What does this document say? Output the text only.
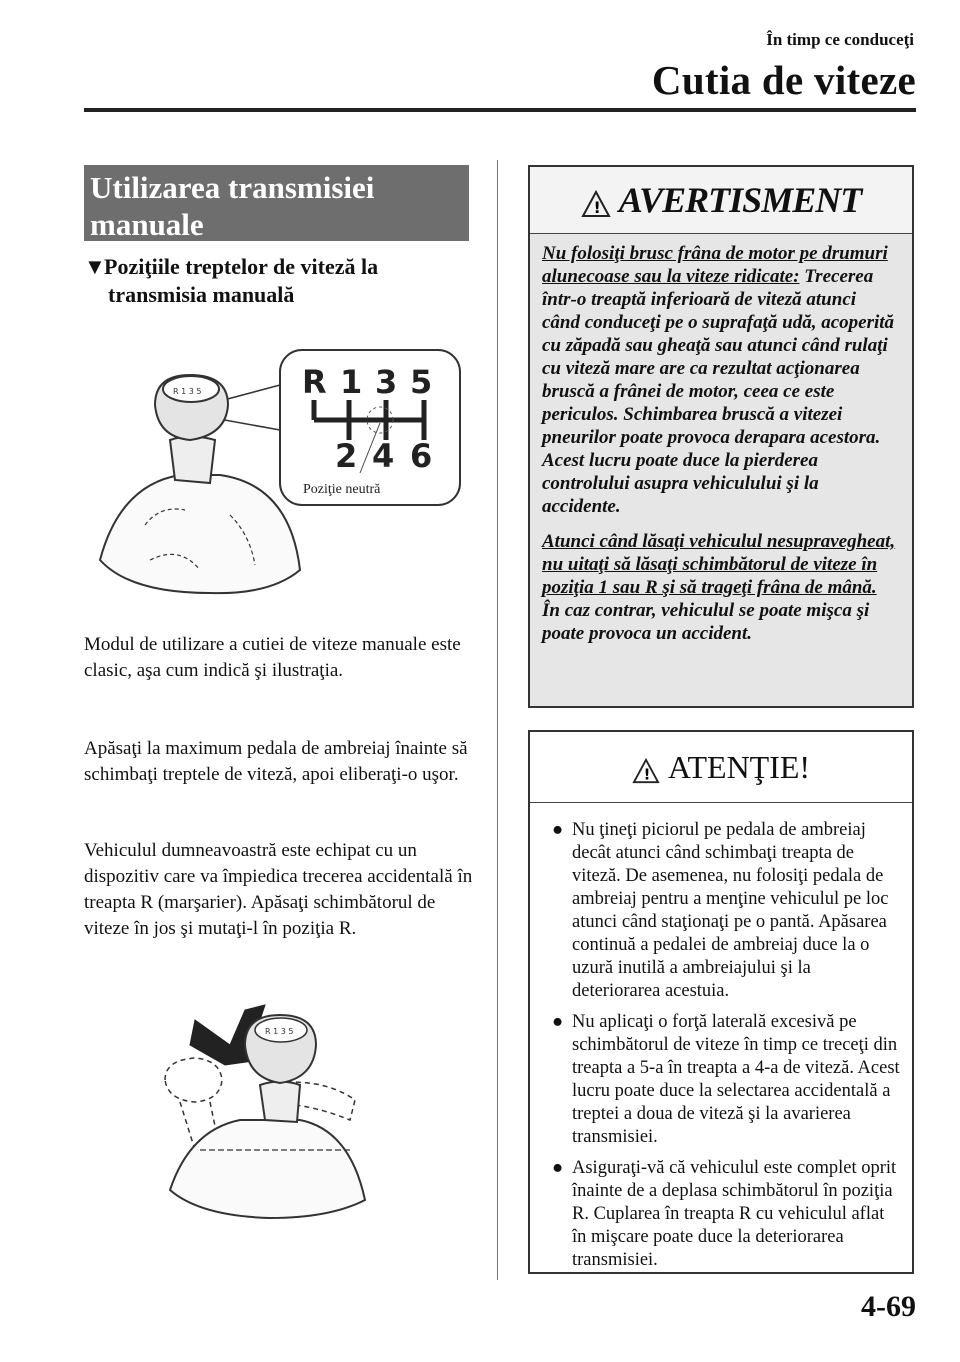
În timp ce conduceţi
Cutia de viteze
Utilizarea transmisiei manuale
▼Poziţiile treptelor de viteză la
transmisia manuală
R 1 3 5
2 4 6
Poziţie neutră
R 1 3 5
Modul de utilizare a cutiei de viteze manuale este clasic, aşa cum indică şi ilustraţia.
Apăsaţi la maximum pedala de ambreiaj înainte să schimbaţi treptele de viteză, apoi eliberaţi-o uşor.
Vehiculul dumneavoastră este echipat cu un dispozitiv care va împiedica trecerea accidentală în treapta R (marşarier). Apăsaţi schimbătorul de viteze în jos şi mutaţi-l în poziţia R.
R 1 3 5
! AVERTISMENT

Nu folosiţi brusc frâna de motor pe drumuri alunecoase sau la viteze ridicate: Trecerea într-o treaptă inferioară de viteză atunci când conduceţi pe o suprafaţă udă, acoperită cu zăpadă sau gheaţă sau atunci când rulaţi cu viteză mare are ca rezultat acţionarea bruscă a frânei de motor, ceea ce este periculos. Schimbarea bruscă a vitezei pneurilor poate provoca derapara acestora. Acest lucru poate duce la pierderea controlului asupra vehiculului şi la accidente.

Atunci când lăsaţi vehiculul nesupravegheat, nu uitaţi să lăsaţi schimbătorul de viteze în poziţia 1 sau R şi să trageţi frâna de mână. În caz contrar, vehiculul se poate mişca şi poate provoca un accident.

! ATENŢIE!
● Nu ţineţi piciorul pe pedala de ambreiaj decât atunci când schimbaţi treapta de viteză. De asemenea, nu folosiţi pedala de ambreiaj pentru a menţine vehiculul pe loc atunci când staţionaţi pe o pantă. Apăsarea continuă a pedalei de ambreiaj duce la o uzură inutilă a ambreiajului şi la deteriorarea acestuia.
● Nu aplicaţi o forţă laterală excesivă pe schimbătorul de viteze în timp ce treceţi din treapta a 5-a în treapta a 4-a de viteză. Acest lucru poate duce la selectarea accidentală a treptei a doua de viteză şi la avarierea transmisiei.
● Asiguraţi-vă că vehiculul este complet oprit înainte de a deplasa schimbătorul în poziţia R. Cuplarea în treapta R cu vehiculul aflat în mişcare poate duce la deteriorarea transmisiei.
4-69
